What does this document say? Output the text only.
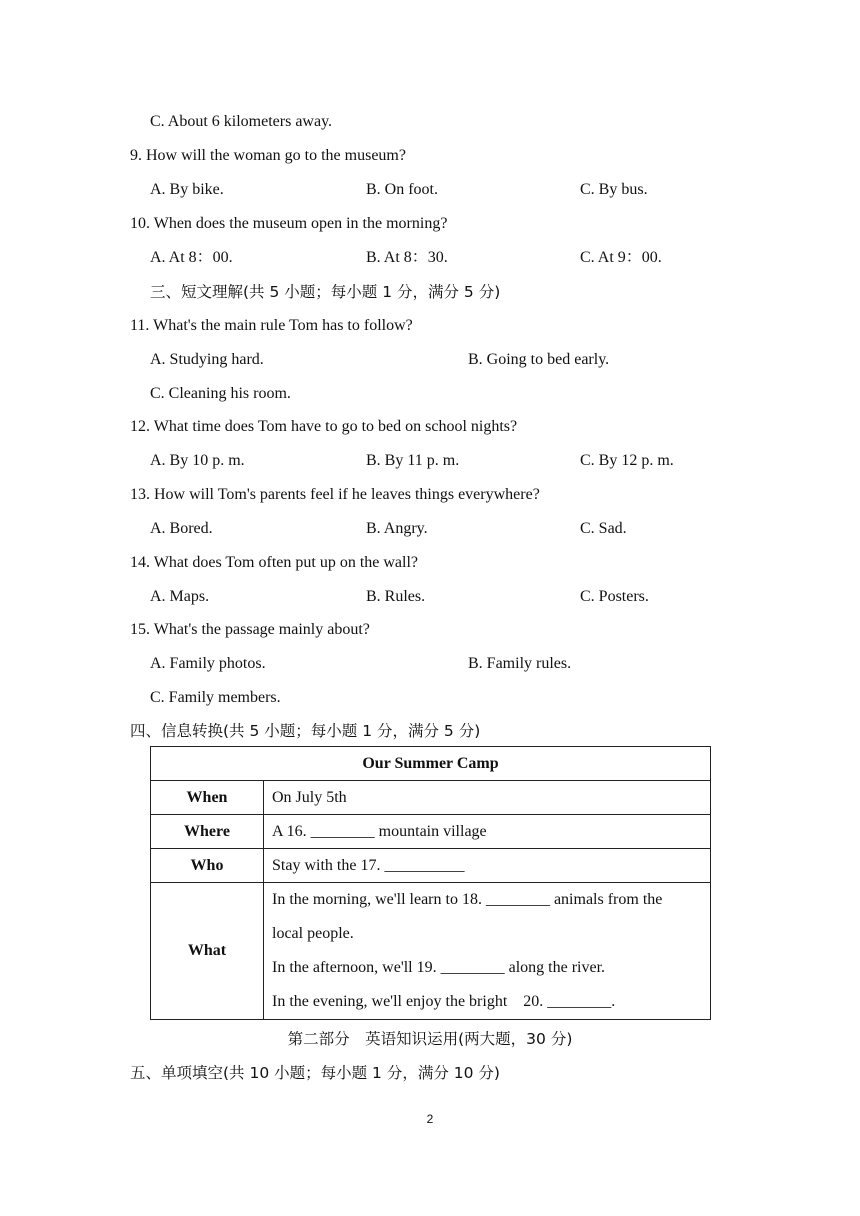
C. About 6 kilometers away.
9. How will the woman go to the museum?
A. By bike.	B. On foot.	C. By bus.
10. When does the museum open in the morning?
A. At 8：00.	B. At 8：30.	C. At 9：00.
三、短文理解(共 5 小题；每小题 1 分，满分 5 分)
11. What's the main rule Tom has to follow?
A. Studying hard.	B. Going to bed early.
C. Cleaning his room.
12. What time does Tom have to go to bed on school nights?
A. By 10 p. m.	B. By 11 p. m.	C. By 12 p. m.
13. How will Tom's parents feel if he leaves things everywhere?
A. Bored.	B. Angry.	C. Sad.
14. What does Tom often put up on the wall?
A. Maps.	B. Rules.	C. Posters.
15. What's the passage mainly about?
A. Family photos.	B. Family rules.
C. Family members.
四、信息转换(共 5 小题；每小题 1 分，满分 5 分)
Our Summer Camp	
When	On July 5th
Where	A 16. ________ mountain village
Who	Stay with the 17. __________
What	In the morning, we'll learn to 18. ________ animals from the
local people.
In the afternoon, we'll 19. ________ along the river.
In the evening, we'll enjoy the bright　20. ________.
第二部分　英语知识运用(两大题，30 分)
五、单项填空(共 10 小题；每小题 1 分，满分 10 分)
2
